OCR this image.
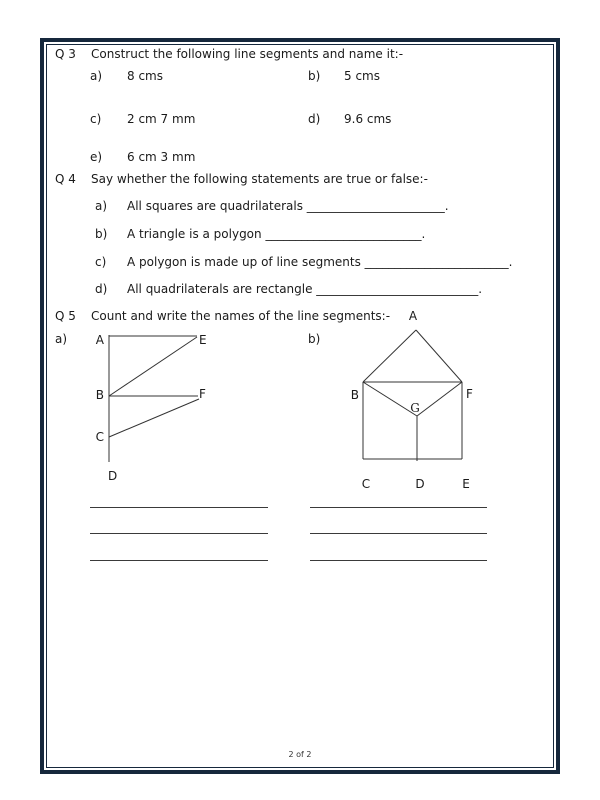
Q 3 Construct the following line segments and name it:-
a) 8 cms	b) 5 cms
c) 2 cm 7 mm	d) 9.6 cms
e) 6 cm 3 mm
Q 4 Say whether the following statements are true or false:-
a) All squares are quadrilaterals _______________________.
b) A triangle is a polygon __________________________.
c) A polygon is made up of line segments ________________________.
d) All quadrilaterals are rectangle ___________________________.
Q 5 Count and write the names of the line segments:-
a)	b)
A	E
B	F
C
D
A
B	F
G
C	D	E
2 of 2
